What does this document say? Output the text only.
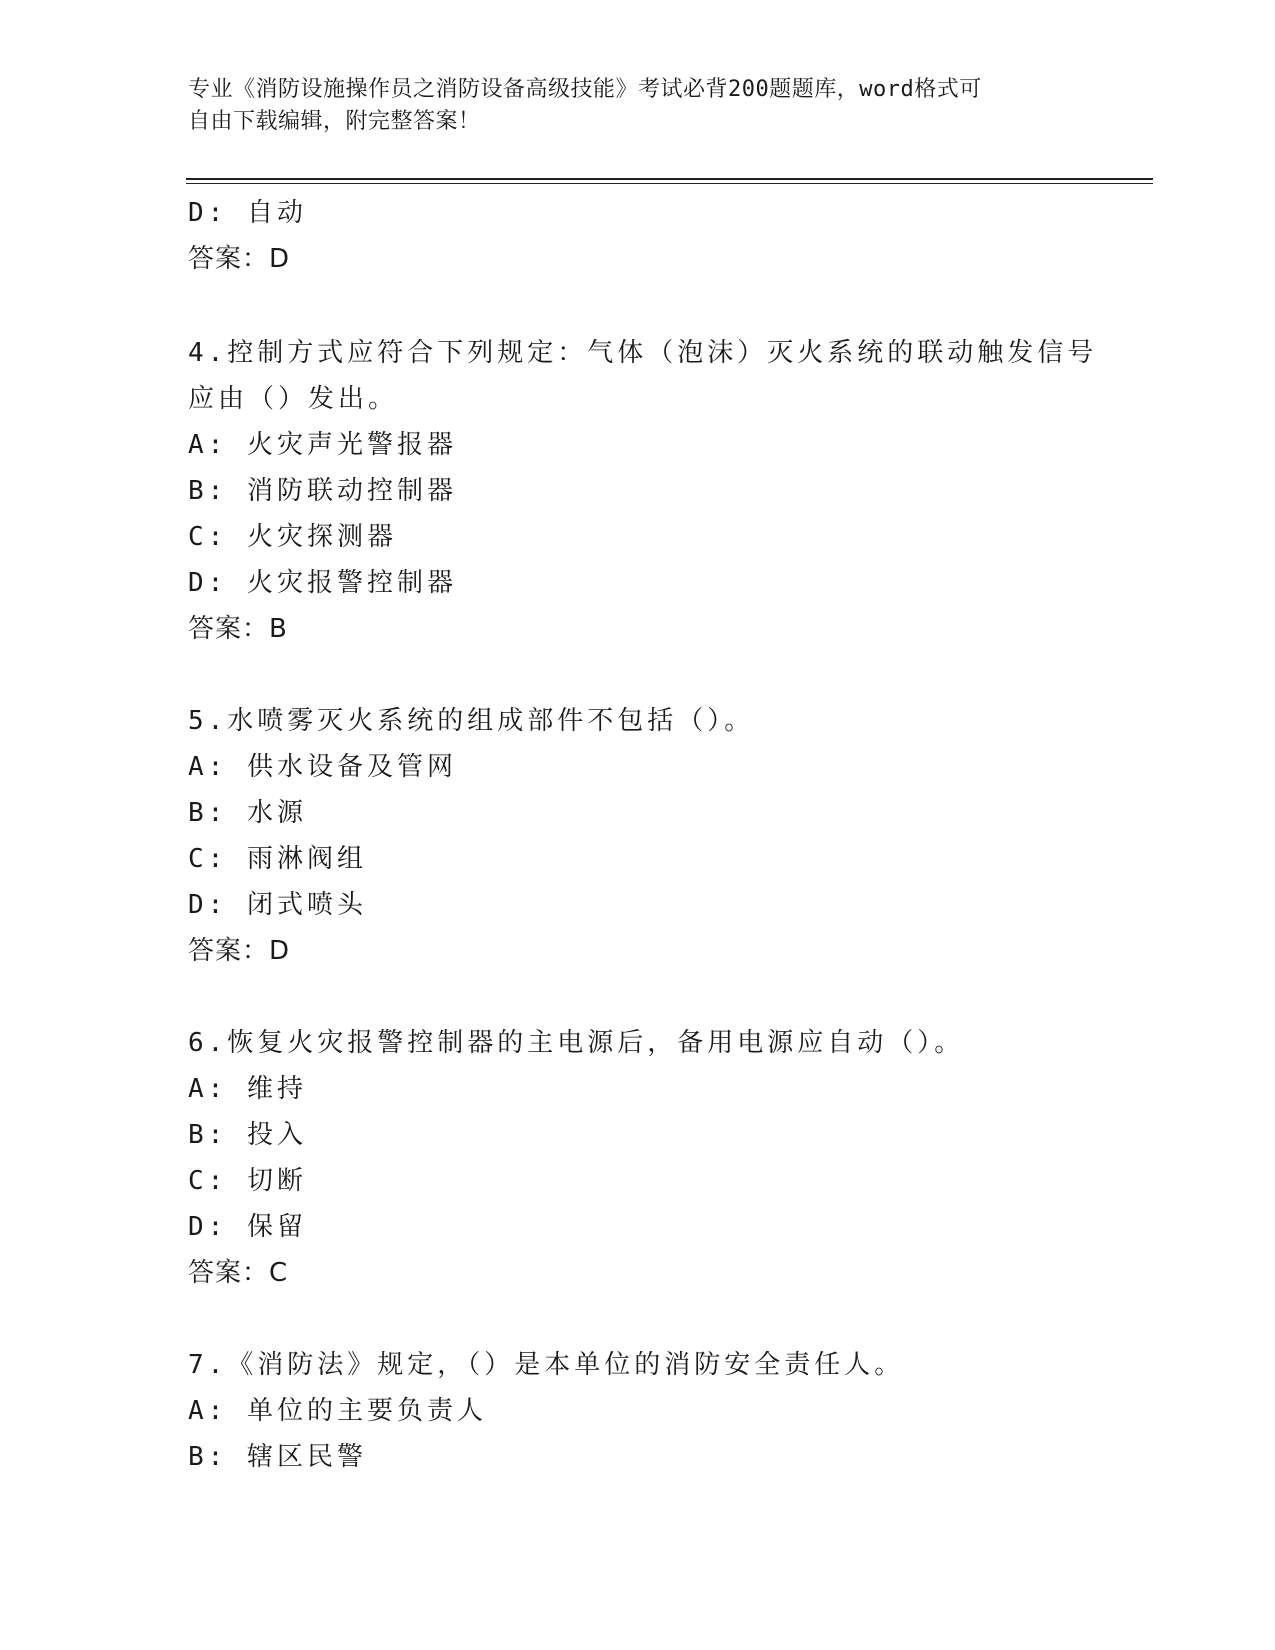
专业《消防设施操作员之消防设备高级技能》考试必背200题题库，word格式可
自由下载编辑，附完整答案！
D: 自动
答案：D
4.控制方式应符合下列规定：气体（泡沫）灭火系统的联动触发信号
应由（）发出。
A: 火灾声光警报器
B: 消防联动控制器
C: 火灾探测器
D: 火灾报警控制器
答案：B
5.水喷雾灭火系统的组成部件不包括（）。
A: 供水设备及管网
B: 水源
C: 雨淋阀组
D: 闭式喷头
答案：D
6.恢复火灾报警控制器的主电源后，备用电源应自动（）。
A: 维持
B: 投入
C: 切断
D: 保留
答案：C
7.《消防法》规定，（）是本单位的消防安全责任人。
A: 单位的主要负责人
B: 辖区民警
